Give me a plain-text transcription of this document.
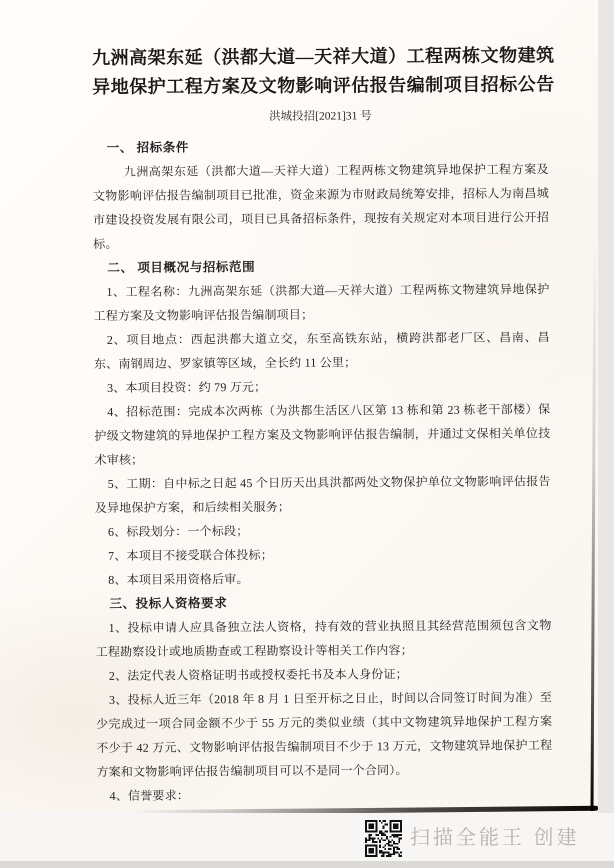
九洲高架东延（洪都大道—天祥大道）工程两栋文物建筑
异地保护工程方案及文物影响评估报告编制项目招标公告
洪城投招[2021]31 号
一、 招标条件
九洲高架东延（洪都大道—天祥大道）工程两栋文物建筑异地保护工程方案及文物影响评估报告编制项目已批准，资金来源为市财政局统筹安排，招标人为南昌城市建设投资发展有限公司，项目已具备招标条件，现按有关规定对本项目进行公开招标。
二、 项目概况与招标范围
1、工程名称：九洲高架东延（洪都大道—天祥大道）工程两栋文物建筑异地保护工程方案及文物影响评估报告编制项目；
2、项目地点：西起洪都大道立交，东至高铁东站，横跨洪都老厂区、昌南、昌东、南钢周边、罗家镇等区域，全长约 11 公里；
3、本项目投资：约 79 万元；
4、招标范围：完成本次两栋（为洪都生活区八区第 13 栋和第 23 栋老干部楼）保护级文物建筑的异地保护工程方案及文物影响评估报告编制，并通过文保相关单位技术审核；
5、工期：自中标之日起 45 个日历天出具洪都两处文物保护单位文物影响评估报告及异地保护方案，和后续相关服务；
6、标段划分：一个标段；
7、本项目不接受联合体投标；
8、本项目采用资格后审。
三、投标人资格要求
1、投标申请人应具备独立法人资格，持有效的营业执照且其经营范围须包含文物工程勘察设计或地质勘查或工程勘察设计等相关工作内容；
2、法定代表人资格证明书或授权委托书及本人身份证；
3、投标人近三年（2018 年 8 月 1 日至开标之日止，时间以合同签订时间为准）至少完成过一项合同金额不少于 55 万元的类似业绩（其中文物建筑异地保护工程方案不少于 42 万元、文物影响评估报告编制项目不少于 13 万元，文物建筑异地保护工程方案和文物影响评估报告编制项目可以不是同一个合同）。
4、信誉要求：
扫描全能王 创建
